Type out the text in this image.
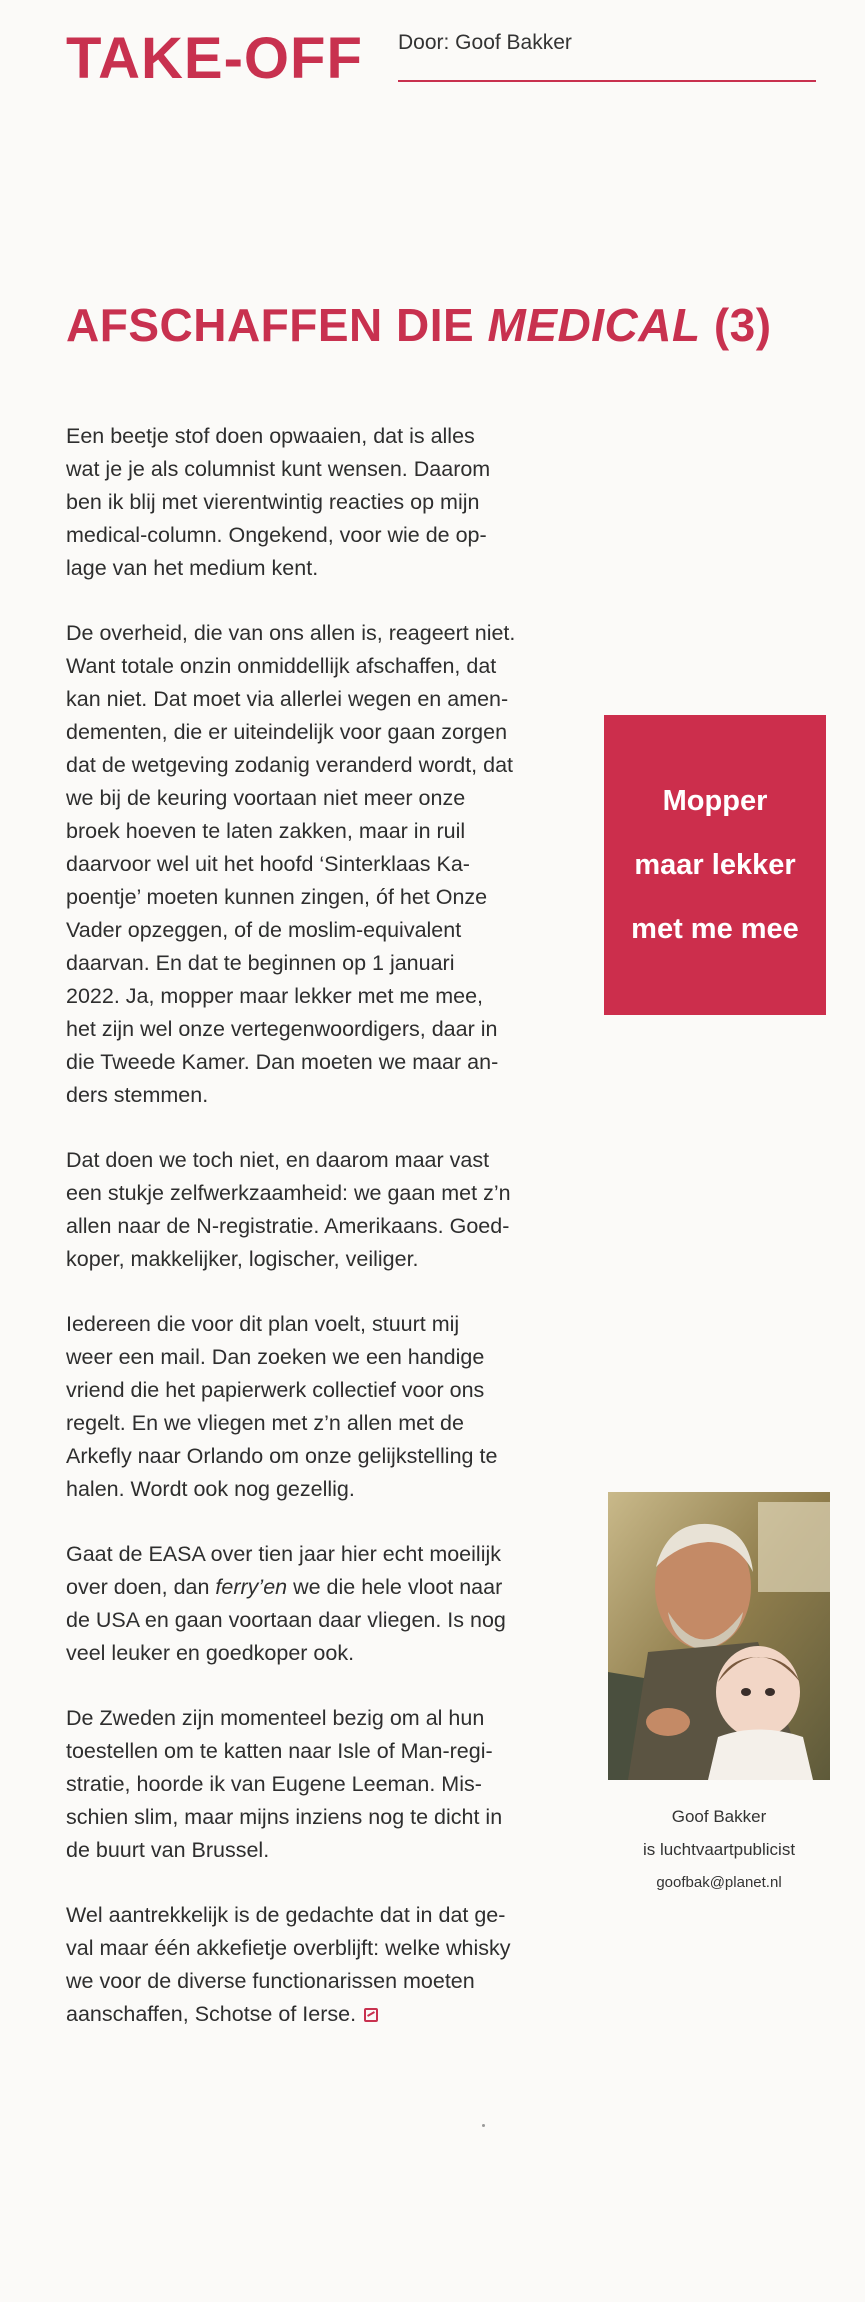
TAKE-OFF Door: Goof Bakker
AFSCHAFFEN DIE MEDICAL (3)

Een beetje stof doen opwaaien, dat is alles
wat je je als columnist kunt wensen. Daarom
ben ik blij met vierentwintig reacties op mijn
medical-column. Ongekend, voor wie de op-
lage van het medium kent.

De overheid, die van ons allen is, reageert niet.
Want totale onzin onmiddellijk afschaffen, dat
kan niet. Dat moet via allerlei wegen en amen-
dementen, die er uiteindelijk voor gaan zorgen
dat de wetgeving zodanig veranderd wordt, dat
we bij de keuring voortaan niet meer onze
broek hoeven te laten zakken, maar in ruil
daarvoor wel uit het hoofd ‘Sinterklaas Ka-
poentje’ moeten kunnen zingen, óf het Onze
Vader opzeggen, of de moslim-equivalent
daarvan. En dat te beginnen op 1 januari
2022. Ja, mopper maar lekker met me mee,
het zijn wel onze vertegenwoordigers, daar in
die Tweede Kamer. Dan moeten we maar an-
ders stemmen.

Dat doen we toch niet, en daarom maar vast
een stukje zelfwerkzaamheid: we gaan met z’n
allen naar de N-registratie. Amerikaans. Goed-
koper, makkelijker, logischer, veiliger.

Iedereen die voor dit plan voelt, stuurt mij
weer een mail. Dan zoeken we een handige
vriend die het papierwerk collectief voor ons
regelt. En we vliegen met z’n allen met de
Arkefly naar Orlando om onze gelijkstelling te
halen. Wordt ook nog gezellig.

Gaat de EASA over tien jaar hier echt moeilijk
over doen, dan ferry’en we die hele vloot naar
de USA en gaan voortaan daar vliegen. Is nog
veel leuker en goedkoper ook.

De Zweden zijn momenteel bezig om al hun
toestellen om te katten naar Isle of Man-regi-
stratie, hoorde ik van Eugene Leeman. Mis-
schien slim, maar mijns inziens nog te dicht in
de buurt van Brussel.

Wel aantrekkelijk is de gedachte dat in dat ge-
val maar één akkefietje overblijft: welke whisky
we voor de diverse functionarissen moeten
aanschaffen, Schotse of Ierse.

Mopper
maar lekker
met me mee
Goof Bakker
is luchtvaartpublicist
goofbak@planet.nl
